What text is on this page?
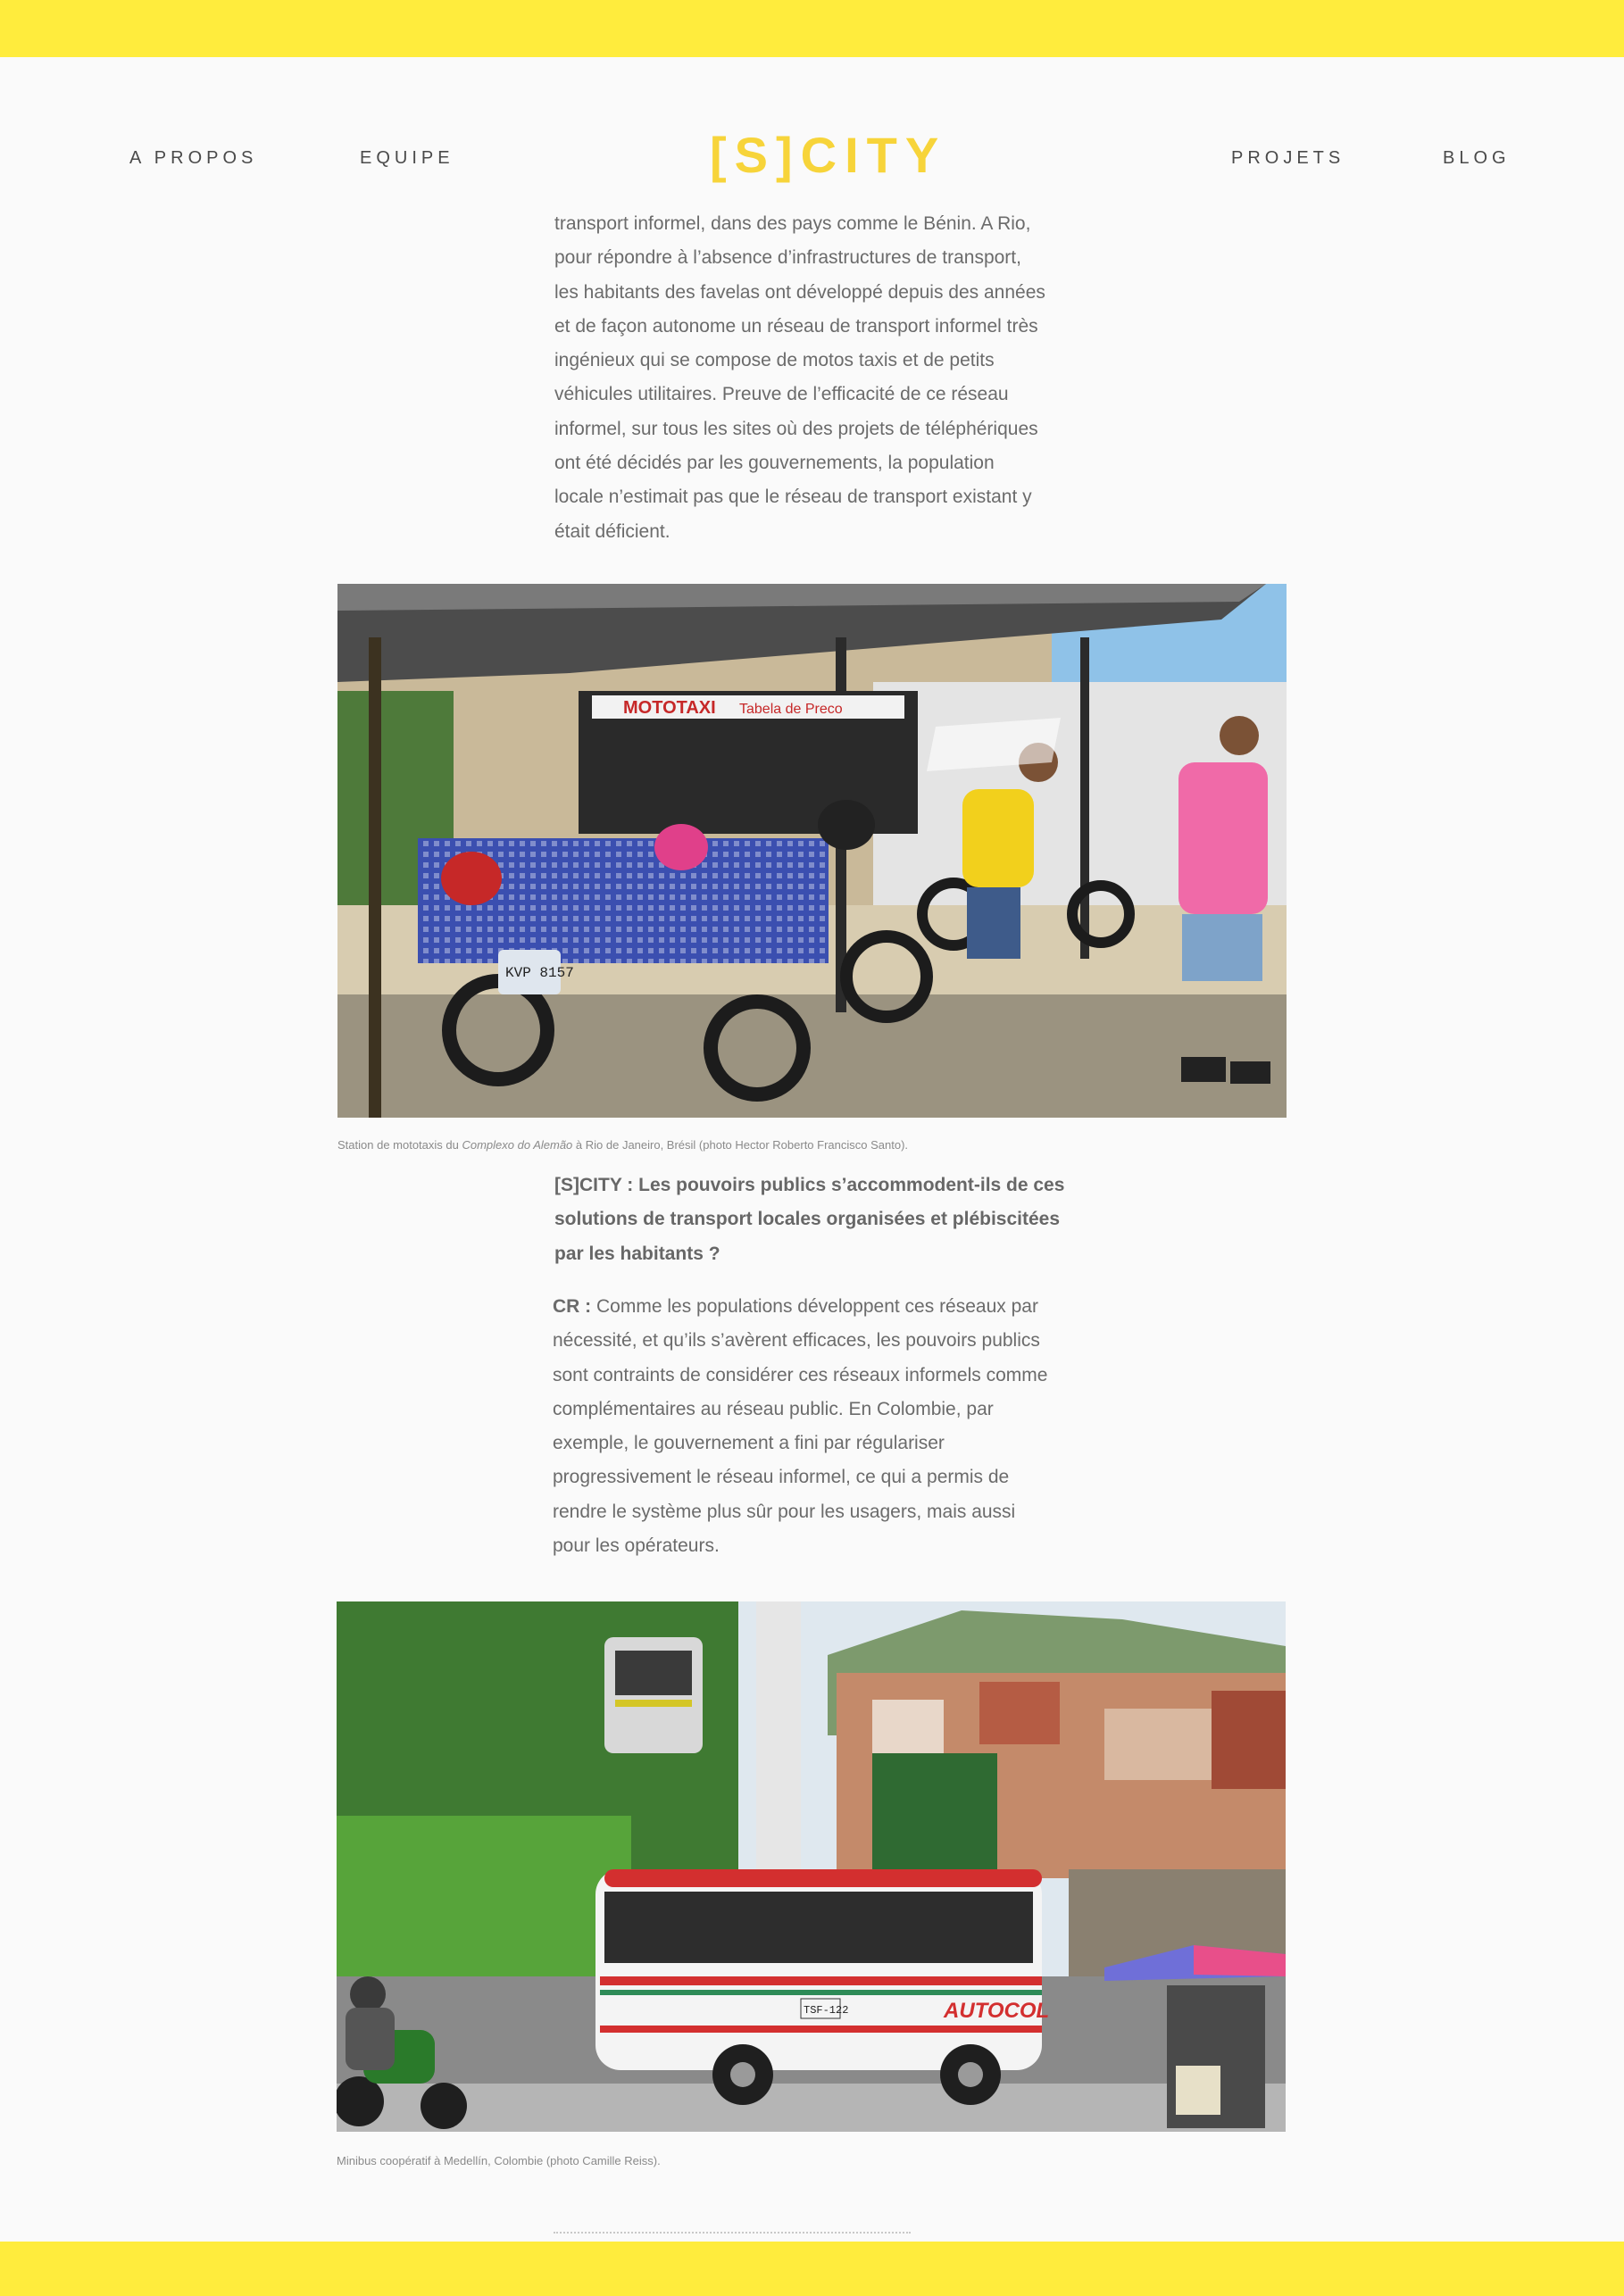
A PROPOS	EQUIPE	[S]CITY	PROJETS	BLOG

transport informel, dans des pays comme le Bénin. A Rio,

pour répondre à l’absence d’infrastructures de transport,

les habitants des favelas ont développé depuis des années

et de façon autonome un réseau de transport informel très

ingénieux qui se compose de motos taxis et de petits

véhicules utilitaires. Preuve de l’efficacité de ce réseau

informel, sur tous les sites où des projets de téléphériques

ont été décidés par les gouvernements, la population

locale n’estimait pas que le réseau de transport existant y

était déficient.

MOTOTAXI Tabela de Preco
KVP 8157
Station de mototaxis du Complexo do Alemão à Rio de Janeiro, Brésil (photo Hector Roberto Francisco Santo).

[S]CITY : Les pouvoirs publics s’accommodent-ils de ces

solutions de transport locales organisées et plébiscitées

par les habitants ?

CR : Comme les populations développent ces réseaux par

nécessité, et qu’ils s’avèrent efficaces, les pouvoirs publics

sont contraints de considérer ces réseaux informels comme

complémentaires au réseau public. En Colombie, par

exemple, le gouvernement a fini par régulariser

progressivement le réseau informel, ce qui a permis de

rendre le système plus sûr pour les usagers, mais aussi

pour les opérateurs.

AUTOCOL
TSF-122
Minibus coopératif à Medellín, Colombie (photo Camille Reiss).
